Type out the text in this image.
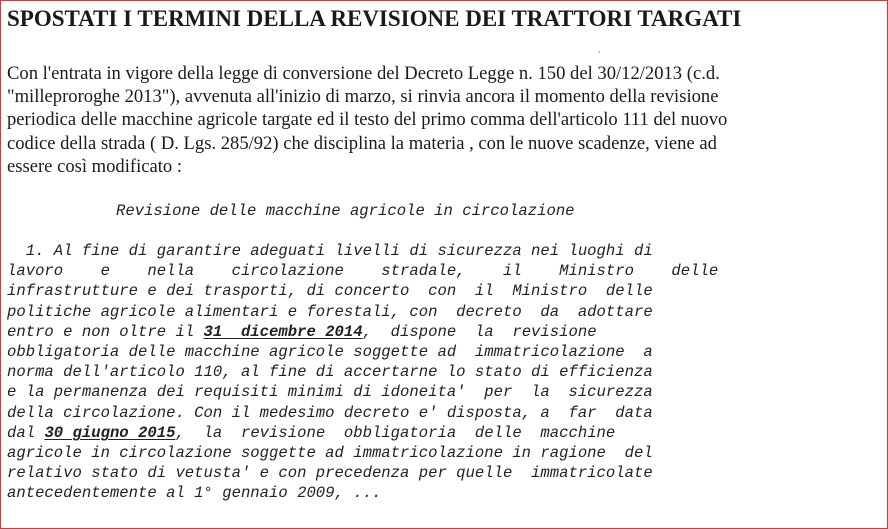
SPOSTATI I TERMINI DELLA REVISIONE DEI TRATTORI TARGATI

Con l'entrata in vigore della legge di conversione del Decreto Legge n. 150 del 30/12/2013 (c.d.
"milleproroghe 2013"), avvenuta all'inizio di marzo, si rinvia ancora il momento della revisione
periodica delle macchine agricole targate ed il testo del primo comma dell'articolo 111 del nuovo
codice della strada ( D. Lgs. 285/92) che disciplina la materia , con le nuove scadenze, viene ad
essere così modificato :

Revisione delle macchine agricole in circolazione

1. Al fine di garantire adeguati livelli di sicurezza nei luoghi di
lavoro    e    nella    circolazione    stradale,    il    Ministro    delle
infrastrutture e dei trasporti, di concerto  con  il  Ministro  delle
politiche agricole alimentari e forestali, con  decreto  da  adottare
entro e non oltre il 31  dicembre 2014,  dispone  la  revisione
obbligatoria delle macchine agricole soggette ad  immatricolazione  a
norma dell'articolo 110, al fine di accertarne lo stato di efficienza
e la permanenza dei requisiti minimi di idoneita'  per  la  sicurezza
della circolazione. Con il medesimo decreto e' disposta, a  far  data
dal 30 giugno 2015,  la  revisione  obbligatoria  delle  macchine
agricole in circolazione soggette ad immatricolazione in ragione  del
relativo stato di vetusta' e con precedenza per quelle  immatricolate
antecedentemente al 1° gennaio 2009, ...
